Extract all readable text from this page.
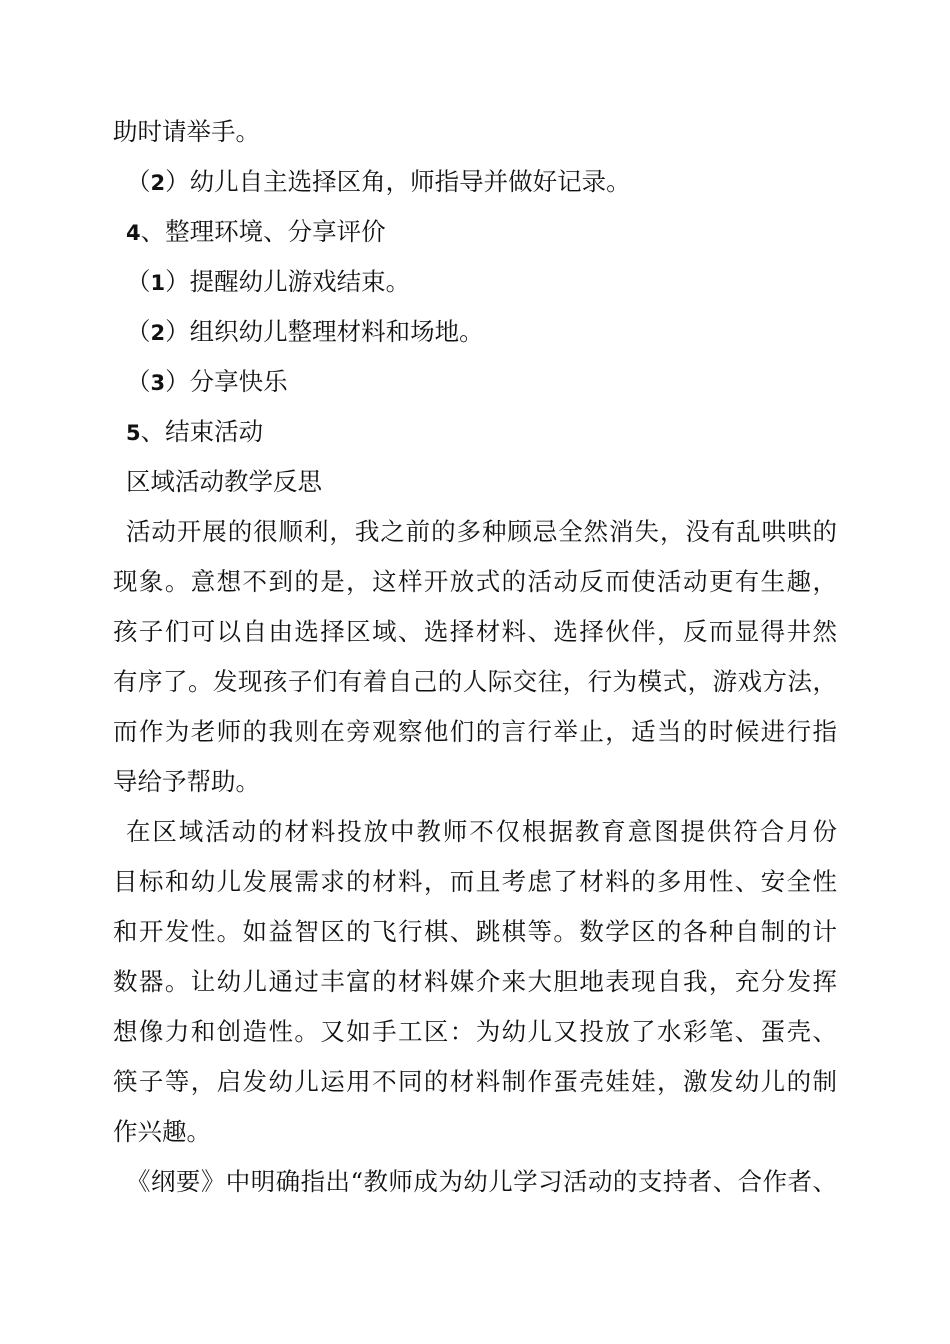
助时请举手。
（2）幼儿自主选择区角，师指导并做好记录。
4、整理环境、分享评价
（1）提醒幼儿游戏结束。
（2）组织幼儿整理材料和场地。
（3）分享快乐
5、结束活动
区域活动教学反思
活动开展的很顺利，我之前的多种顾忌全然消失，没有乱哄哄的
现象。意想不到的是，这样开放式的活动反而使活动更有生趣，
孩子们可以自由选择区域、选择材料、选择伙伴，反而显得井然
有序了。发现孩子们有着自己的人际交往，行为模式，游戏方法，
而作为老师的我则在旁观察他们的言行举止，适当的时候进行指
导给予帮助。
在区域活动的材料投放中教师不仅根据教育意图提供符合月份
目标和幼儿发展需求的材料，而且考虑了材料的多用性、安全性
和开发性。如益智区的飞行棋、跳棋等。数学区的各种自制的计
数器。让幼儿通过丰富的材料媒介来大胆地表现自我，充分发挥
想像力和创造性。又如手工区：为幼儿又投放了水彩笔、蛋壳、
筷子等，启发幼儿运用不同的材料制作蛋壳娃娃，激发幼儿的制
作兴趣。
《纲要》中明确指出“教师成为幼儿学习活动的支持者、合作者、
